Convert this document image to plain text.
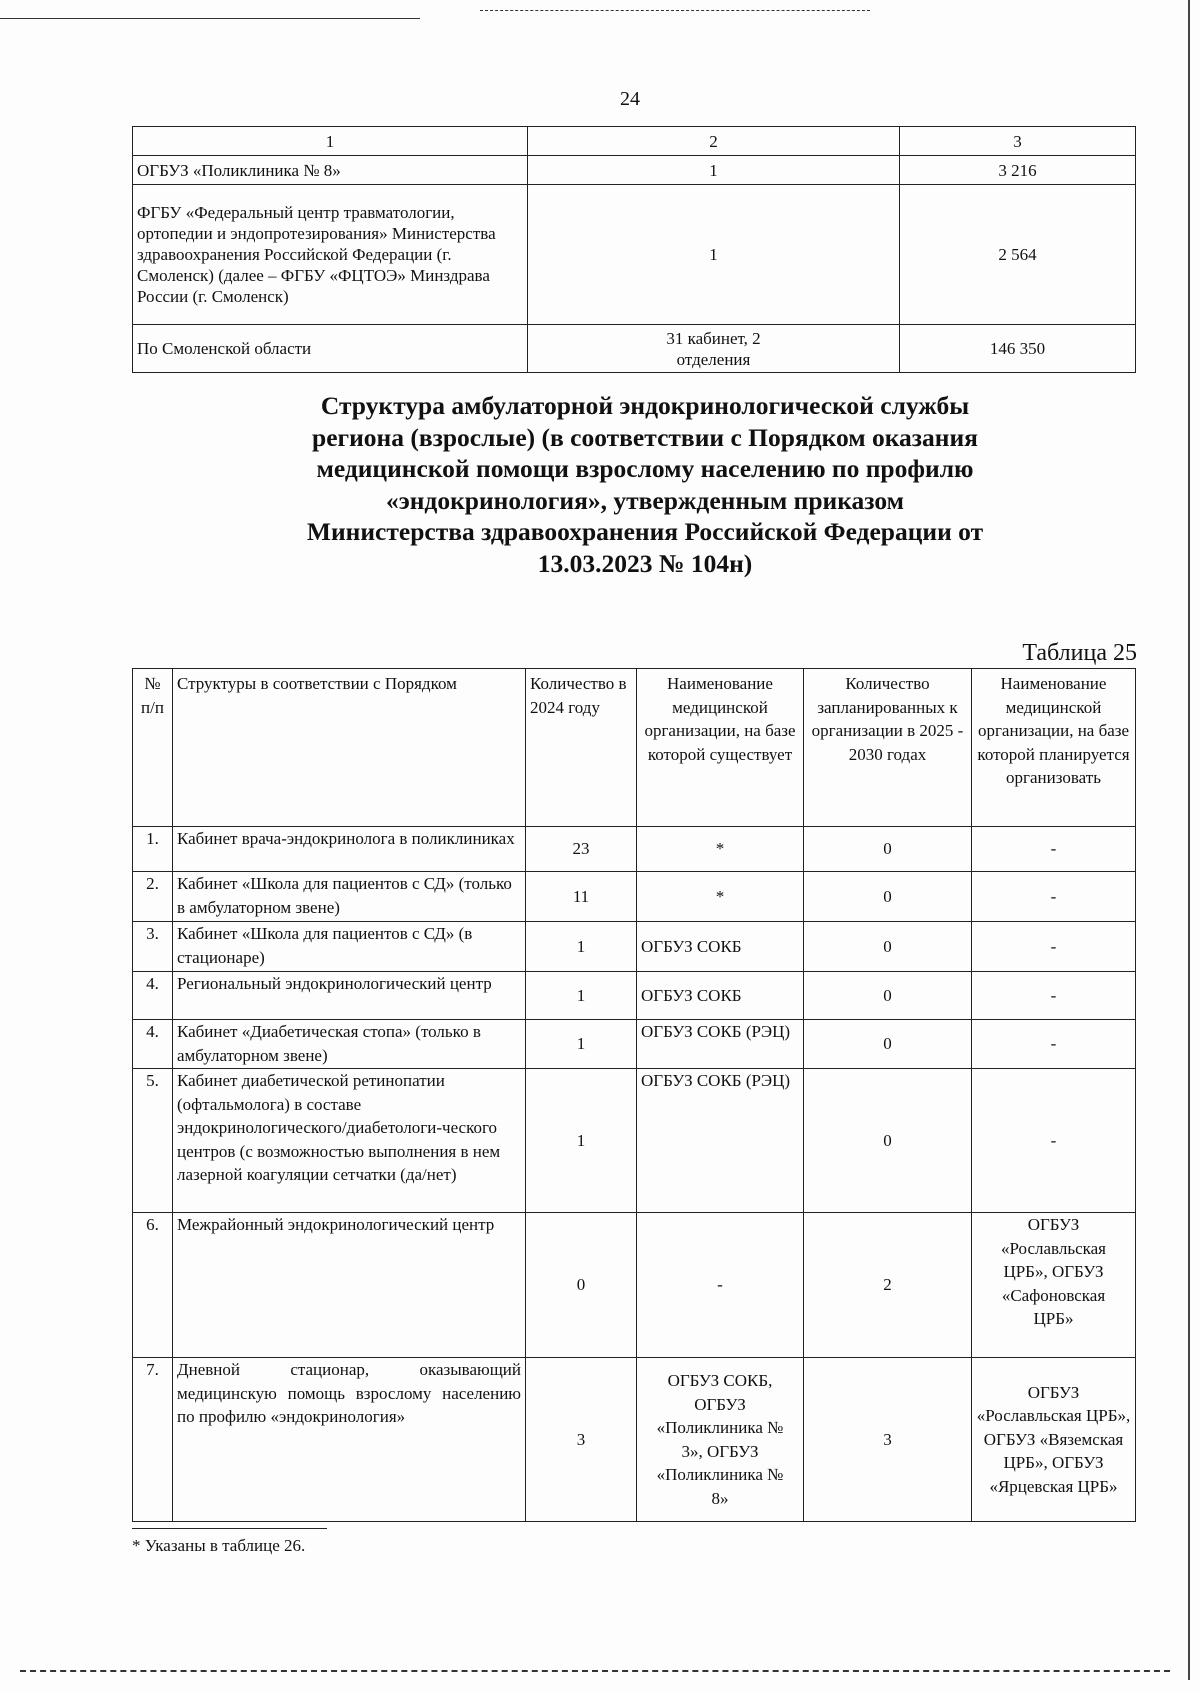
24
1	2	3
ОГБУЗ «Поликлиника № 8»	1	3 216
ФГБУ «Федеральный центр травматологии, ортопедии и эндопротезирования» Министерства здравоохранения Российской Федерации (г. Смоленск) (далее – ФГБУ «ФЦТОЭ» Минздрава России (г. Смоленск)	1	2 564
По Смоленской области	31 кабинет, 2 отделения	146 350
Структура амбулаторной эндокринологической службы региона (взрослые) (в соответствии с Порядком оказания медицинской помощи взрослому населению по профилю «эндокринология», утвержденным приказом Министерства здравоохранения Российской Федерации от 13.03.2023 № 104н)
Таблица 25
№ п/п	Структуры в соответствии с Порядком	Количество в 2024 году	Наименование медицинской организации, на базе которой существует	Количество запланированных к организации в 2025 - 2030 годах	Наименование медицинской организации, на базе которой планируется организовать
1.	Кабинет врача-эндокринолога в поликлиниках	23	*	0	-
2.	Кабинет «Школа для пациентов с СД» (только в амбулаторном звене)	11	*	0	-
3.	Кабинет «Школа для пациентов с СД» (в стационаре)	1	ОГБУЗ СОКБ	0	-
4.	Региональный эндокринологический центр	1	ОГБУЗ СОКБ	0	-
4.	Кабинет «Диабетическая стопа» (только в амбулаторном звене)	1	ОГБУЗ СОКБ (РЭЦ)	0	-
5.	Кабинет диабетической ретинопатии (офтальмолога) в составе эндокринологического/диабетологи-ческого центров (с возможностью выполнения в нем лазерной коагуляции сетчатки (да/нет)	1	ОГБУЗ СОКБ (РЭЦ)	0	-
6.	Межрайонный эндокринологический центр	0	-	2	ОГБУЗ «Рославльская ЦРБ», ОГБУЗ «Сафоновская ЦРБ»
7.	Дневной стационар, оказывающий медицинскую помощь взрослому населению по профилю «эндокринология»	3	ОГБУЗ СОКБ, ОГБУЗ «Поликлиника № 3», ОГБУЗ «Поликлиника № 8»	3	ОГБУЗ «Рославльская ЦРБ», ОГБУЗ «Вяземская ЦРБ», ОГБУЗ «Ярцевская ЦРБ»
* Указаны в таблице 26.
